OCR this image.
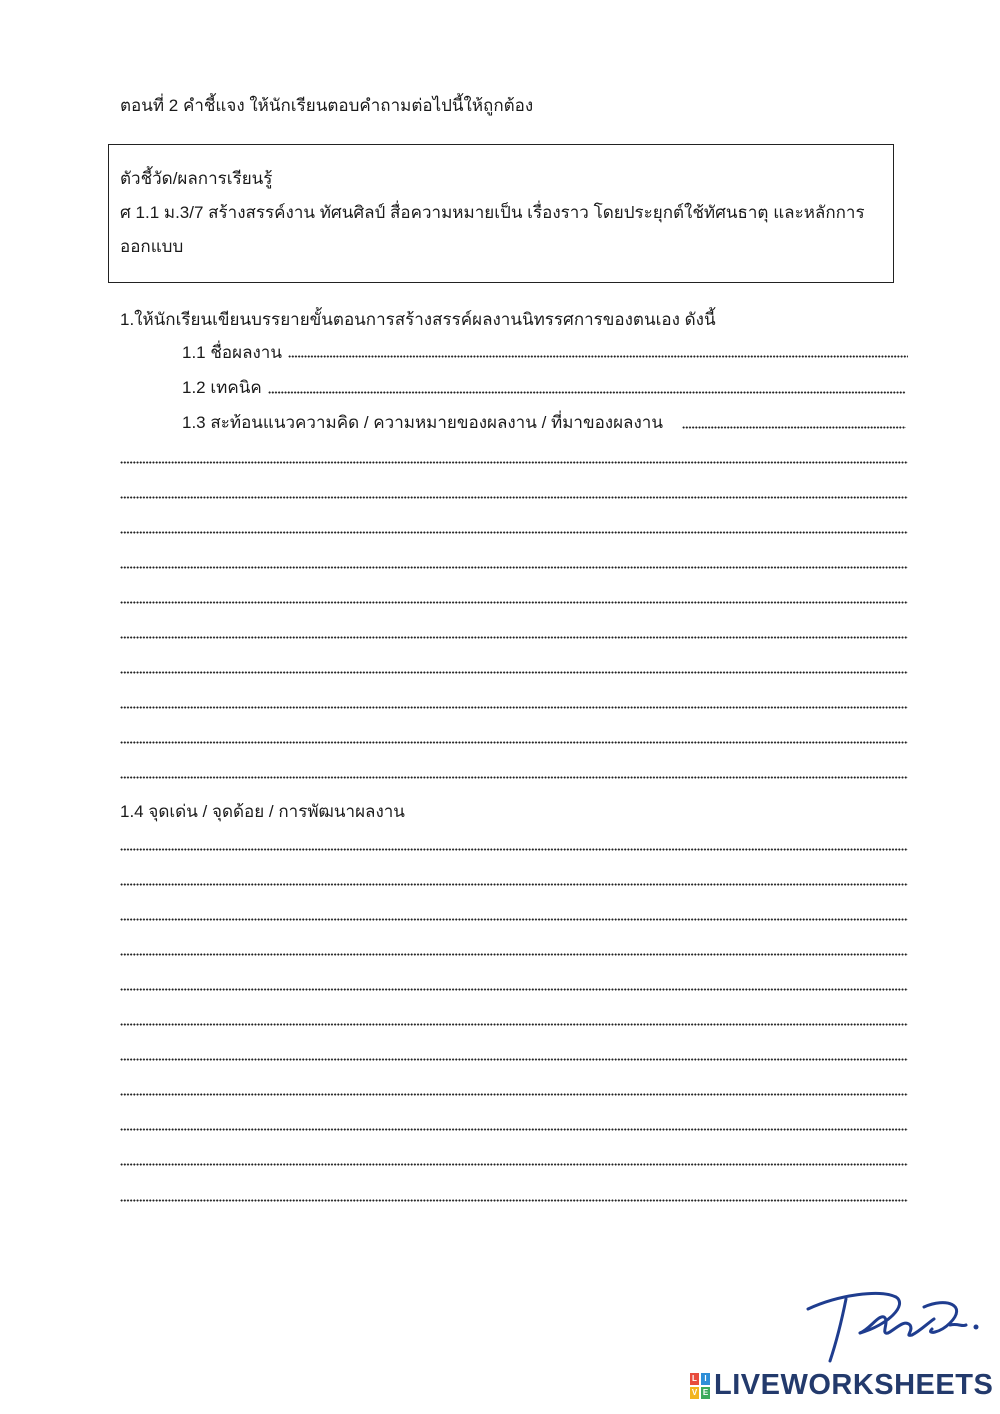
ตอนที่ 2 คำชี้แจง ให้นักเรียนตอบคำถามต่อไปนี้ให้ถูกต้อง
ตัวชี้วัด/ผลการเรียนรู้
ศ 1.1 ม.3/7 สร้างสรรค์งาน ทัศนศิลป์ สื่อความหมายเป็น เรื่องราว โดยประยุกต์ใช้ทัศนธาตุ และหลักการ
ออกแบบ
1.ให้นักเรียนเขียนบรรยายขั้นตอนการสร้างสรรค์ผลงานนิทรรศการของตนเอง ดังนี้
1.1 ชื่อผลงาน
1.2 เทคนิค
1.3 สะท้อนแนวความคิด / ความหมายของผลงาน / ที่มาของผลงาน
1.4 จุดเด่น / จุดด้อย / การพัฒนาผลงาน
L I
V E LIVEWORKSHEETS
